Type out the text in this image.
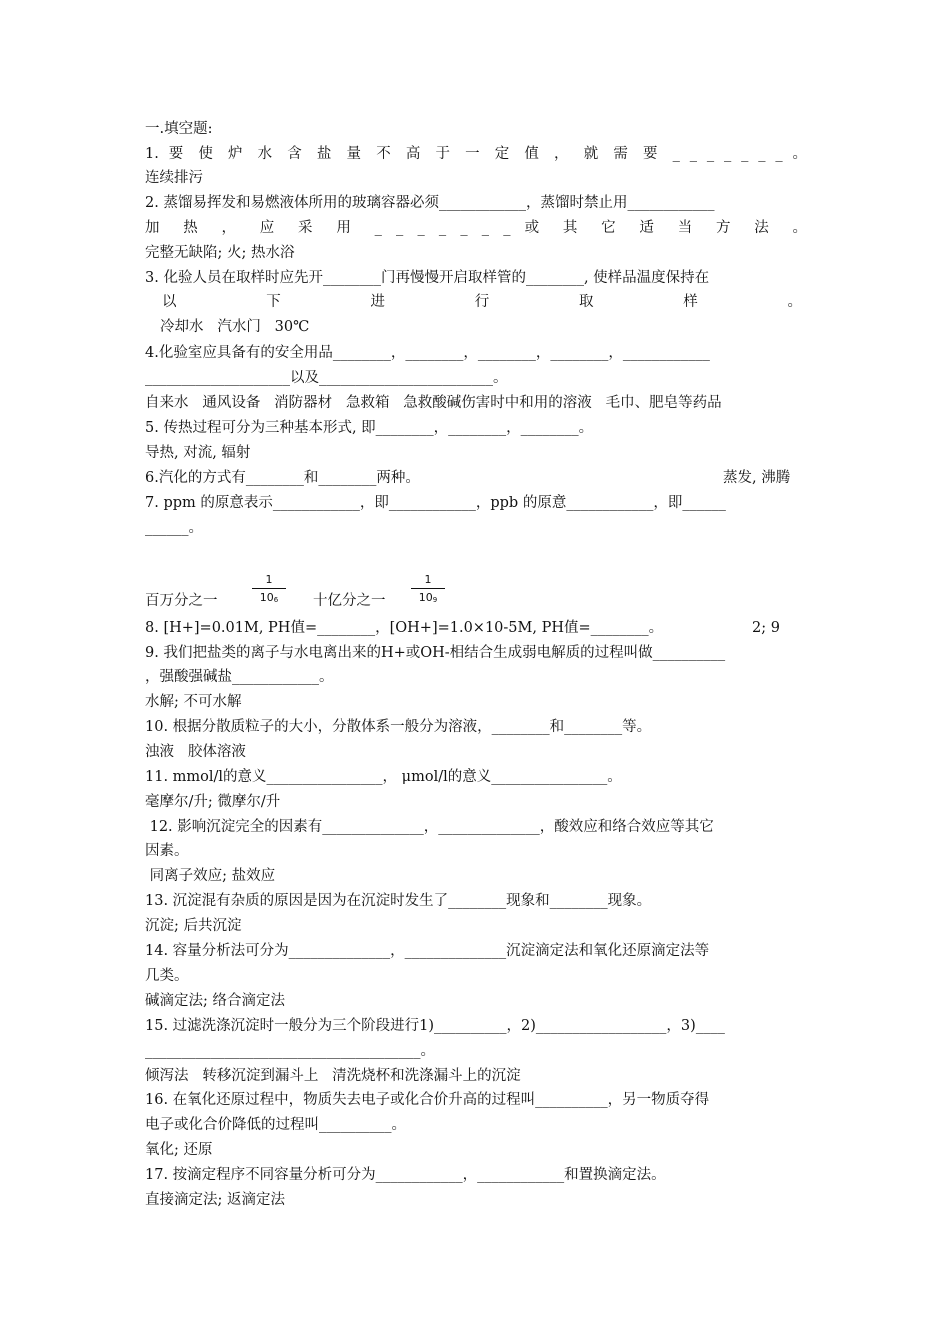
一.填空题:
1. 要 使 炉 水 含 盐 量 不 高 于 一 定 值 ， 就 需 要 _ _ _ _ _ _ _ 。
连续排污
2. 蒸馏易挥发和易燃液体所用的玻璃容器必须____________，蒸馏时禁止用____________
加 热 ， 应 采 用 _ _ _ _ _ _ _ 或 其 它 适 当 方 法 。
完整无缺陷; 火; 热水浴
3. 化验人员在取样时应先开________门再慢慢开启取样管的________, 使样品温度保持在
以 下 进 行 取 样 。
冷却水   汽水门   30℃
4.化验室应具备有的安全用品________，________，________，________，____________
____________________以及________________________。
自来水   通风设备   消防器材   急救箱   急救酸碱伤害时中和用的溶液   毛巾、肥皂等药品
5. 传热过程可分为三种基本形式, 即________，________，________。
导热, 对流, 辐射
6.汽化的方式有________和________两种。	蒸发, 沸腾
7. ppm 的原意表示____________，即____________，ppb 的原意____________，即______
______。
百万分之一
1
$10^6$	十亿分之一
1
$10^9$
8. [H+]=0.01M, PH值=________，[OH+]=1.0×10-5M, PH值=________。	2; 9
9. 我们把盐类的离子与水电离出来的H+或OH-相结合生成弱电解质的过程叫做__________
，强酸强碱盐____________。
水解; 不可水解
10. 根据分散质粒子的大小，分散体系一般分为溶液，________和________等。
浊液   胶体溶液
11. mmol/l的意义________________， μmol/l的意义________________。
毫摩尔/升; 微摩尔/升
12. 影响沉淀完全的因素有______________，______________，酸效应和络合效应等其它
因素。
同离子效应; 盐效应
13. 沉淀混有杂质的原因是因为在沉淀时发生了________现象和________现象。
沉淀; 后共沉淀
14. 容量分析法可分为______________，______________沉淀滴定法和氧化还原滴定法等
几类。
碱滴定法; 络合滴定法
15. 过滤洗涤沉淀时一般分为三个阶段进行1)__________，2)__________________，3)____
______________________________________。
倾泻法   转移沉淀到漏斗上   清洗烧杯和洗涤漏斗上的沉淀
16. 在氧化还原过程中，物质失去电子或化合价升高的过程叫__________，另一物质夺得
电子或化合价降低的过程叫__________。
氧化; 还原
17. 按滴定程序不同容量分析可分为____________，____________和置换滴定法。
直接滴定法; 返滴定法
